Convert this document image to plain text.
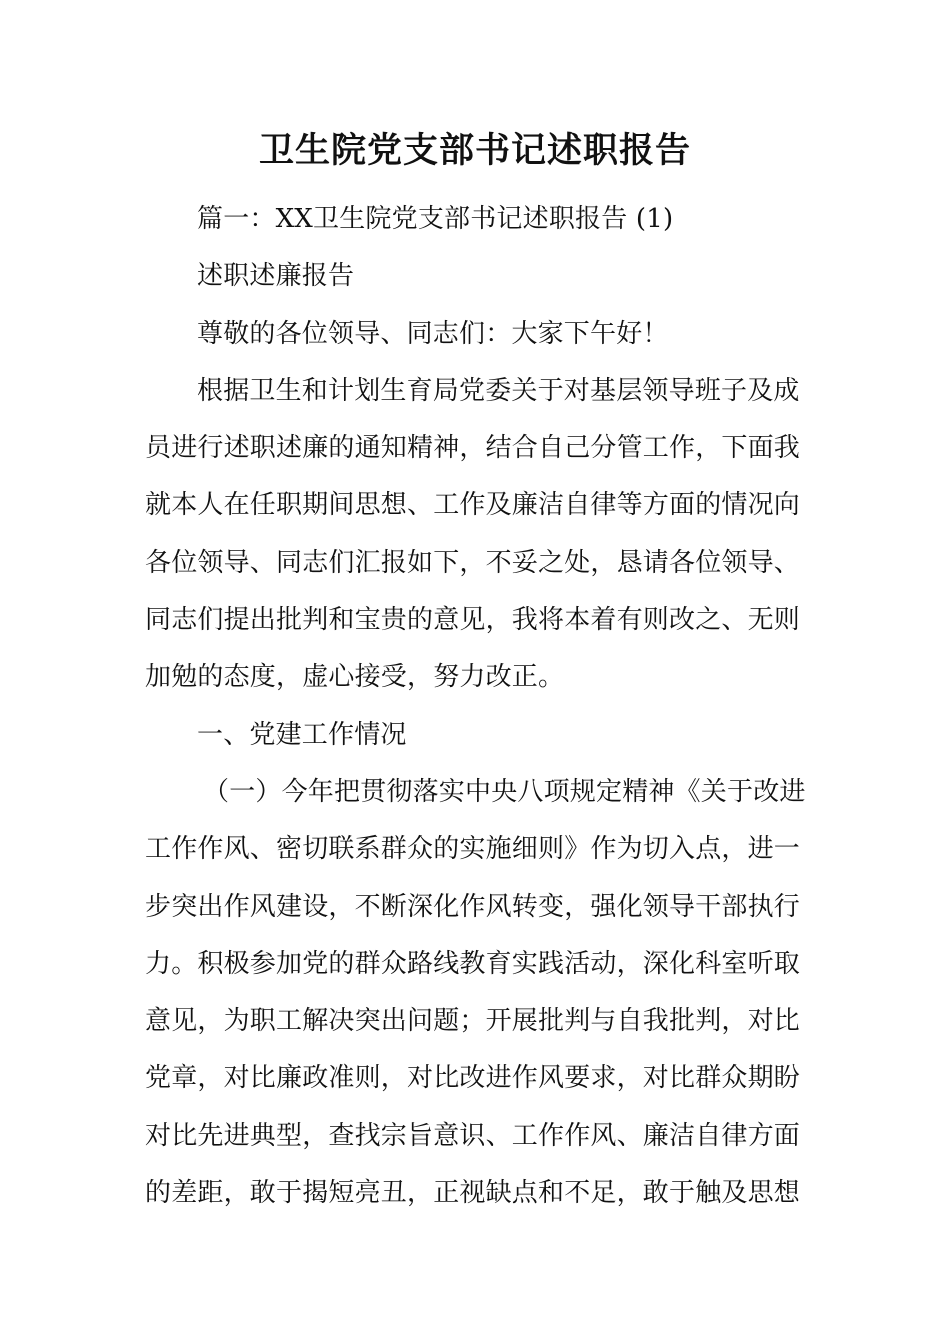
卫生院党支部书记述职报告

篇一：XX卫生院党支部书记述职报告 (1)

述职述廉报告

尊敬的各位领导、同志们：大家下午好！

根据卫生和计划生育局党委关于对基层领导班子及成

员进行述职述廉的通知精神，结合自己分管工作，下面我

就本人在任职期间思想、工作及廉洁自律等方面的情况向

各位领导、同志们汇报如下，不妥之处，恳请各位领导、

同志们提出批判和宝贵的意见，我将本着有则改之、无则

加勉的态度，虚心接受，努力改正。

一、党建工作情况

（一）今年把贯彻落实中央八项规定精神《关于改进

工作作风、密切联系群众的实施细则》作为切入点，进一

步突出作风建设，不断深化作风转变，强化领导干部执行

力。积极参加党的群众路线教育实践活动，深化科室听取

意见，为职工解决突出问题；开展批判与自我批判，对比

党章，对比廉政准则，对比改进作风要求，对比群众期盼

对比先进典型，查找宗旨意识、工作作风、廉洁自律方面

的差距，敢于揭短亮丑，正视缺点和不足，敢于触及思想
